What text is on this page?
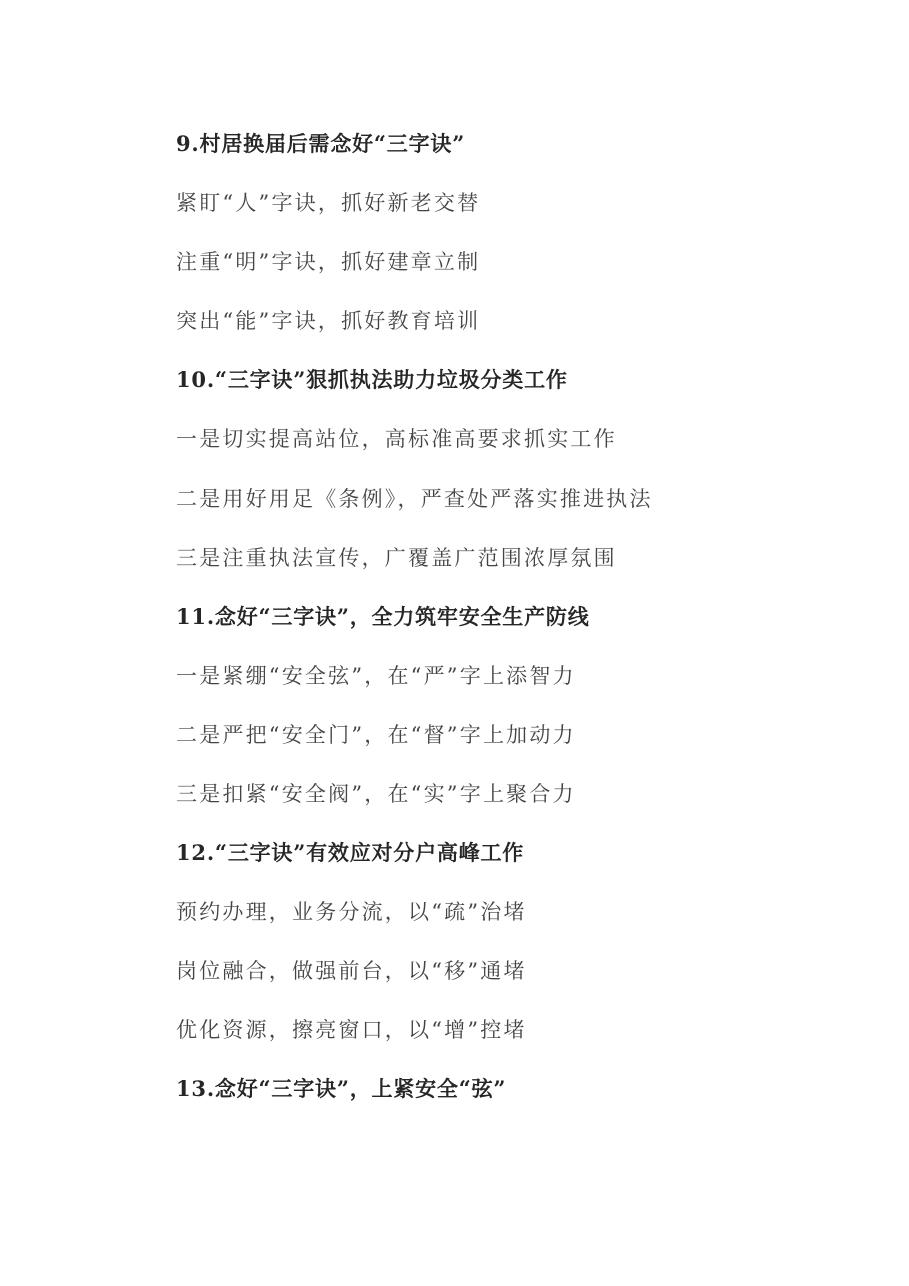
9.村居换届后需念好“三字诀”
紧盯“人”字诀，抓好新老交替
注重“明”字诀，抓好建章立制
突出“能”字诀，抓好教育培训
10.“三字诀”狠抓执法助力垃圾分类工作
一是切实提高站位，高标准高要求抓实工作
二是用好用足《条例》，严查处严落实推进执法
三是注重执法宣传，广覆盖广范围浓厚氛围
11.念好“三字诀”，全力筑牢安全生产防线
一是紧绷“安全弦”，在“严”字上添智力
二是严把“安全门”，在“督”字上加动力
三是扣紧“安全阀”，在“实”字上聚合力
12.“三字诀”有效应对分户高峰工作
预约办理，业务分流，以“疏”治堵
岗位融合，做强前台，以“移”通堵
优化资源，擦亮窗口，以“增”控堵
13.念好“三字诀”，上紧安全“弦”
